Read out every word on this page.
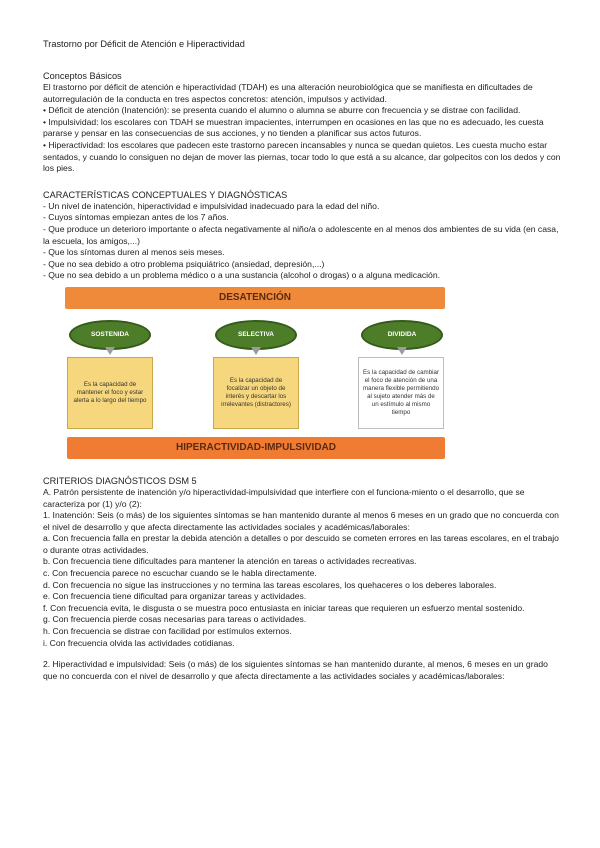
Trastorno por Déficit de Atención e Hiperactividad

Conceptos Básicos

El trastorno por déficit de atención e hiperactividad (TDAH) es una alteración neurobiológica que se manifiesta en dificultades de autorregulación de la conducta en tres aspectos concretos: atención, impulsos y actividad.

• Déficit de atención (Inatención): se presenta cuando el alumno o alumna se aburre con frecuencia y se distrae con facilidad.

• Impulsividad: los escolares con TDAH se muestran impacientes, interrumpen en ocasiones en las que no es adecuado, les cuesta pararse y pensar en las consecuencias de sus acciones, y no tienden a planificar sus actos futuros.

• Hiperactividad: los escolares que padecen este trastorno parecen incansables y nunca se quedan quietos. Les cuesta mucho estar sentados, y cuando lo consiguen no dejan de mover las piernas, tocar todo lo que está a su alcance, dar golpecitos con los dedos y con los pies.

CARACTERÍSTICAS CONCEPTUALES Y DIAGNÓSTICAS

- Un nivel de inatención, hiperactividad e impulsividad inadecuado para la edad del niño.

- Cuyos síntomas empiezan antes de los 7 años.

- Que produce un deterioro importante o afecta negativamente al niño/a o adolescente en al menos dos ambientes de su vida (en casa, la escuela, los amigos,...)

- Que los síntomas duren al menos seis meses.

- Que no sea debido a otro problema psiquiátrico (ansiedad, depresión,...)

- Que no sea debido a un problema médico o a una sustancia (alcohol o drogas) o a alguna medicación.

DESATENCIÓN
SOSTENIDA	SELECTIVA	DIVIDIDA
Es la capacidad de mantener el foco y estar alerta a lo largo del tiempo
Es la capacidad de focalizar un objeto de interés y descartar los irrelevantes (distractores)
Es la capacidad de cambiar el foco de atención de una manera flexible permitiendo al sujeto atender más de un estímulo al mismo tiempo
HIPERACTIVIDAD-IMPULSIVIDAD

CRITERIOS DIAGNÓSTICOS DSM 5

A. Patrón persistente de inatención y/o hiperactividad-impulsividad que interfiere con el funciona-miento o el desarrollo, que se caracteriza por (1) y/o (2):

1. Inatención: Seis (o más) de los siguientes síntomas se han mantenido durante al menos 6 meses en un grado que no concuerda con el nivel de desarrollo y que afecta directamente las actividades sociales y académicas/laborales:

a. Con frecuencia falla en prestar la debida atención a detalles o por descuido se cometen errores en las tareas escolares, en el trabajo o durante otras actividades.

b. Con frecuencia tiene dificultades para mantener la atención en tareas o actividades recreativas.

c. Con frecuencia parece no escuchar cuando se le habla directamente.

d. Con frecuencia no sigue las instrucciones y no termina las tareas escolares, los quehaceres o los deberes laborales.

e. Con frecuencia tiene dificultad para organizar tareas y actividades.

f. Con frecuencia evita, le disgusta o se muestra poco entusiasta en iniciar tareas que requieren un esfuerzo mental sostenido.

g. Con frecuencia pierde cosas necesarias para tareas o actividades.

h. Con frecuencia se distrae con facilidad por estímulos externos.

i. Con frecuencia olvida las actividades cotidianas.

2. Hiperactividad e impulsividad: Seis (o más) de los siguientes síntomas se han mantenido durante, al menos, 6 meses en un grado que no concuerda con el nivel de desarrollo y que afecta directamente a las actividades sociales y académicas/laborales:
